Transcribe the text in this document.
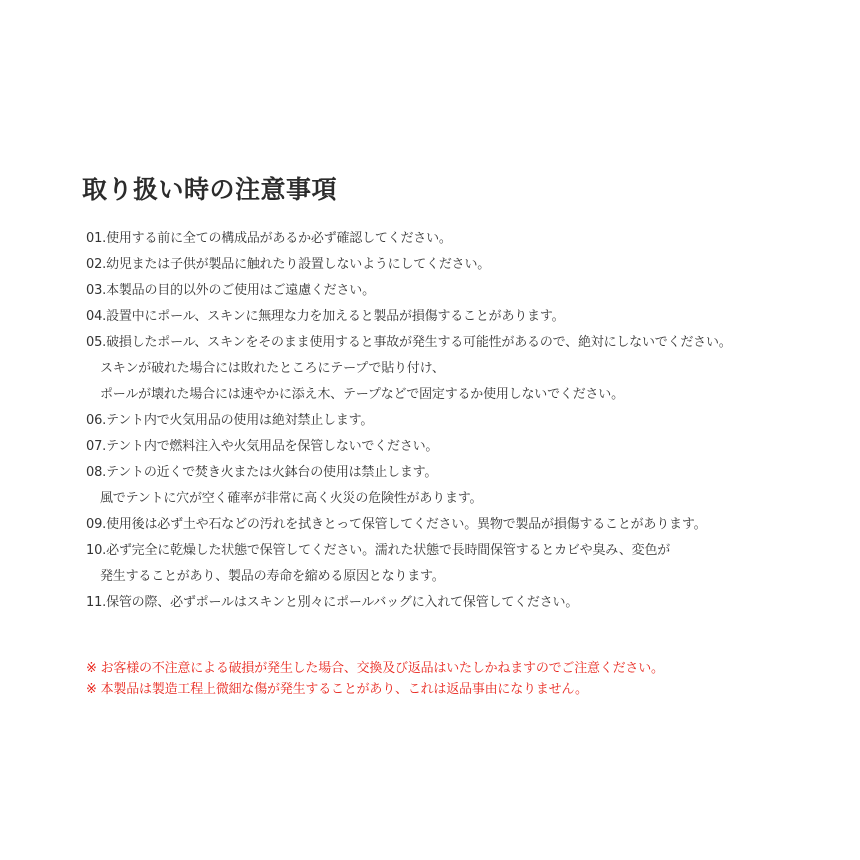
取り扱い時の注意事項
01.使用する前に全ての構成品があるか必ず確認してください。
02.幼児または子供が製品に触れたり設置しないようにしてください。
03.本製品の目的以外のご使用はご遠慮ください。
04.設置中にポール、スキンに無理な力を加えると製品が損傷することがあります。
05.破損したポール、スキンをそのまま使用すると事故が発生する可能性があるので、絶対にしないでください。
スキンが破れた場合には敗れたところにテープで貼り付け、
ポールが壊れた場合には速やかに添え木、テープなどで固定するか使用しないでください。
06.テント内で火気用品の使用は絶対禁止します。
07.テント内で燃料注入や火気用品を保管しないでください。
08.テントの近くで焚き火または火鉢台の使用は禁止します。
風でテントに穴が空く確率が非常に高く火災の危険性があります。
09.使用後は必ず土や石などの汚れを拭きとって保管してください。異物で製品が損傷することがあります。
10.必ず完全に乾燥した状態で保管してください。濡れた状態で長時間保管するとカビや臭み、変色が
発生することがあり、製品の寿命を縮める原因となります。
11.保管の際、必ずポールはスキンと別々にポールバッグに入れて保管してください。
※ お客様の不注意による破損が発生した場合、交換及び返品はいたしかねますのでご注意ください。
※ 本製品は製造工程上微細な傷が発生することがあり、これは返品事由になりません。
